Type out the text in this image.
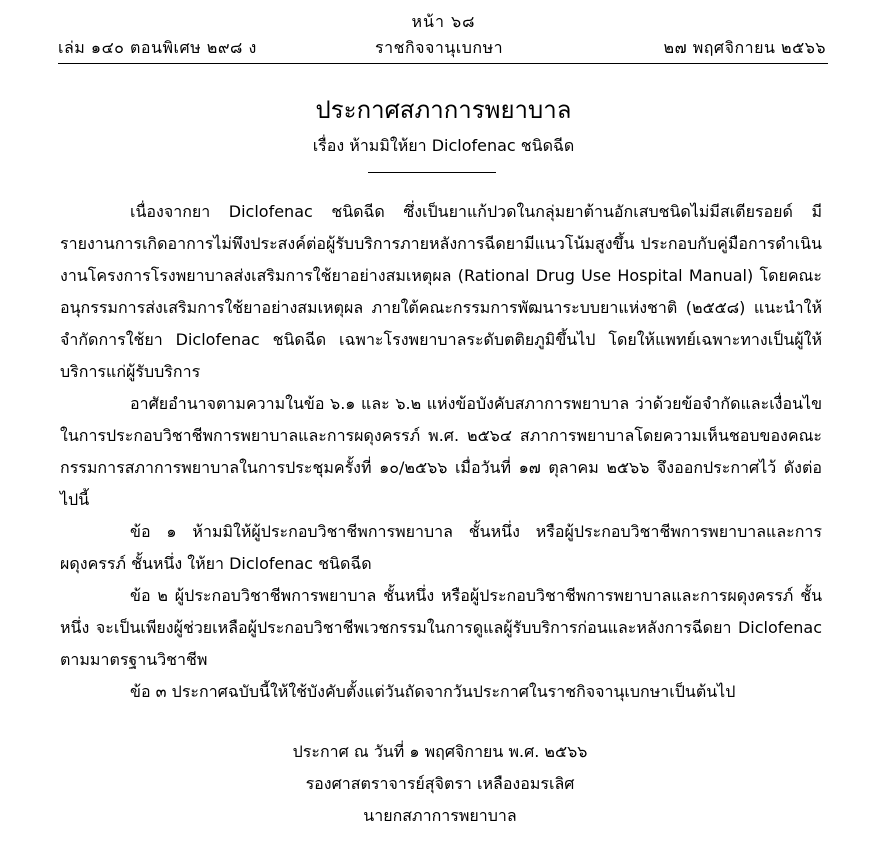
หน้า ๖๘
เล่ม ๑๔๐ ตอนพิเศษ ๒๙๘ ง	ราชกิจจานุเบกษา	๒๗ พฤศจิกายน ๒๕๖๖
ประกาศสภาการพยาบาล
เรื่อง ห้ามมิให้ยา Diclofenac ชนิดฉีด

เนื่องจากยา Diclofenac ชนิดฉีด ซึ่งเป็นยาแก้ปวดในกลุ่มยาต้านอักเสบชนิดไม่มีสเตียรอยด์ มีรายงานการเกิดอาการไม่พึงประสงค์ต่อผู้รับบริการภายหลังการฉีดยามีแนวโน้มสูงขึ้น ประกอบกับคู่มือการดำเนินงานโครงการโรงพยาบาลส่งเสริมการใช้ยาอย่างสมเหตุผล (Rational Drug Use Hospital Manual) โดยคณะอนุกรรมการส่งเสริมการใช้ยาอย่างสมเหตุผล ภายใต้คณะกรรมการพัฒนาระบบยาแห่งชาติ (๒๕๕๘) แนะนำให้จำกัดการใช้ยา Diclofenac ชนิดฉีด เฉพาะโรงพยาบาลระดับตติยภูมิขึ้นไป โดยให้แพทย์เฉพาะทางเป็นผู้ให้บริการแก่ผู้รับบริการ

อาศัยอำนาจตามความในข้อ ๖.๑ และ ๖.๒ แห่งข้อบังคับสภาการพยาบาล ว่าด้วยข้อจำกัดและเงื่อนไขในการประกอบวิชาชีพการพยาบาลและการผดุงครรภ์ พ.ศ. ๒๕๖๔ สภาการพยาบาลโดยความเห็นชอบของคณะกรรมการสภาการพยาบาลในการประชุมครั้งที่ ๑๐/๒๕๖๖ เมื่อวันที่ ๑๗ ตุลาคม ๒๕๖๖ จึงออกประกาศไว้ ดังต่อไปนี้

ข้อ ๑ ห้ามมิให้ผู้ประกอบวิชาชีพการพยาบาล ชั้นหนึ่ง หรือผู้ประกอบวิชาชีพการพยาบาลและการผดุงครรภ์ ชั้นหนึ่ง ให้ยา Diclofenac ชนิดฉีด

ข้อ ๒ ผู้ประกอบวิชาชีพการพยาบาล ชั้นหนึ่ง หรือผู้ประกอบวิชาชีพการพยาบาลและการผดุงครรภ์ ชั้นหนึ่ง จะเป็นเพียงผู้ช่วยเหลือผู้ประกอบวิชาชีพเวชกรรมในการดูแลผู้รับบริการก่อนและหลังการฉีดยา Diclofenac ตามมาตรฐานวิชาชีพ

ข้อ ๓ ประกาศฉบับนี้ให้ใช้บังคับตั้งแต่วันถัดจากวันประกาศในราชกิจจานุเบกษาเป็นต้นไป

ประกาศ ณ วันที่ ๑ พฤศจิกายน พ.ศ. ๒๕๖๖
รองศาสตราจารย์สุจิตรา เหลืองอมรเลิศ
นายกสภาการพยาบาล
